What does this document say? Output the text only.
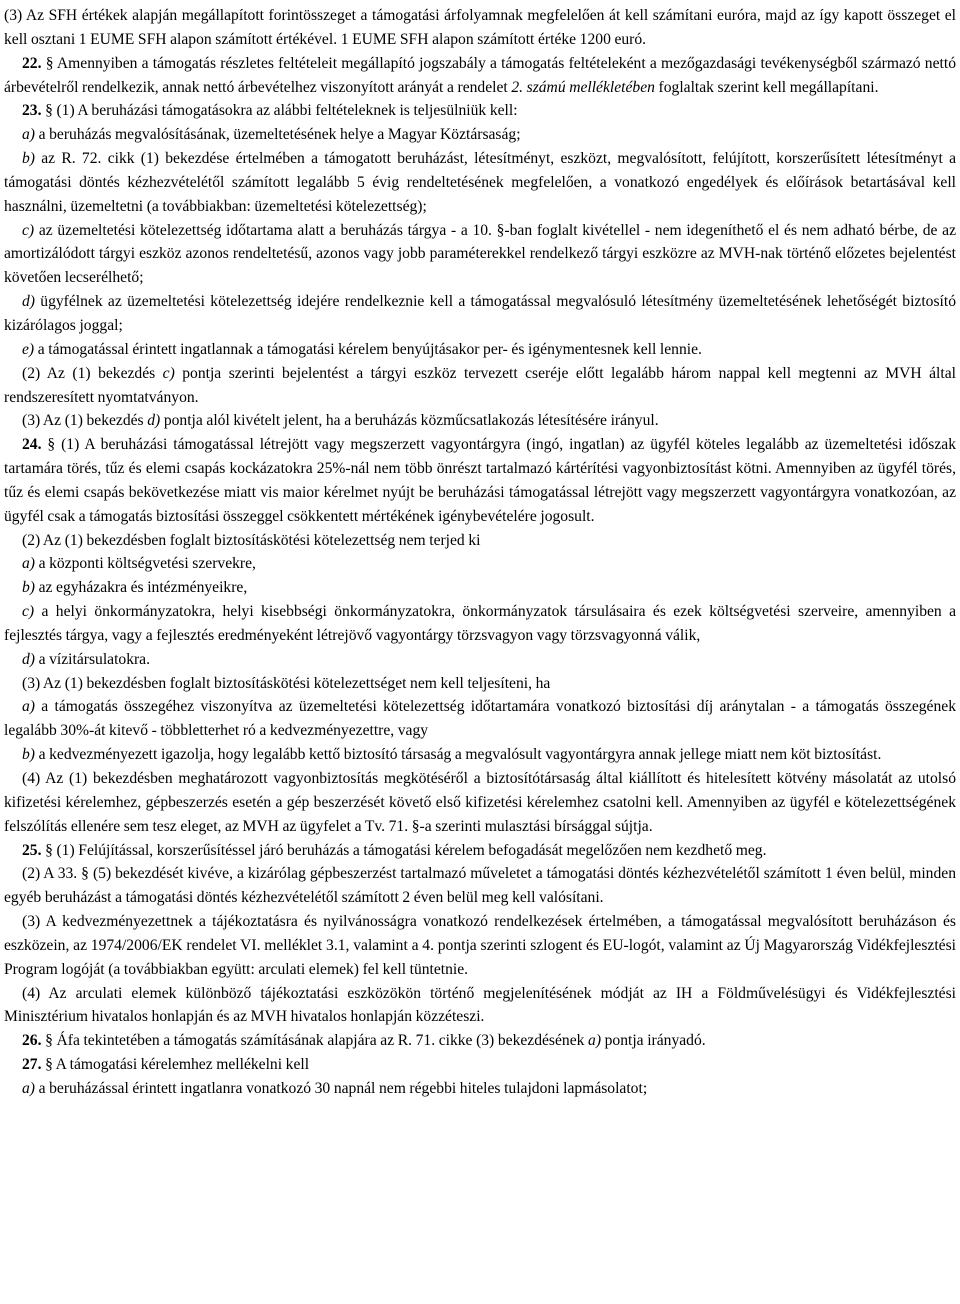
(3) Az SFH értékek alapján megállapított forintösszeget a támogatási árfolyamnak megfelelően át kell számítani euróra, majd az így kapott összeget el kell osztani 1 EUME SFH alapon számított értékével. 1 EUME SFH alapon számított értéke 1200 euró.

22. § Amennyiben a támogatás részletes feltételeit megállapító jogszabály a támogatás feltételeként a mezőgazdasági tevékenységből származó nettó árbevételről rendelkezik, annak nettó árbevételhez viszonyított arányát a rendelet 2. számú mellékletében foglaltak szerint kell megállapítani.

23. § (1) A beruházási támogatásokra az alábbi feltételeknek is teljesülniük kell:

a) a beruházás megvalósításának, üzemeltetésének helye a Magyar Köztársaság;

b) az R. 72. cikk (1) bekezdése értelmében a támogatott beruházást, létesítményt, eszközt, megvalósított, felújított, korszerűsített létesítményt a támogatási döntés kézhezvételétől számított legalább 5 évig rendeltetésének megfelelően, a vonatkozó engedélyek és előírások betartásával kell használni, üzemeltetni (a továbbiakban: üzemeltetési kötelezettség);

c) az üzemeltetési kötelezettség időtartama alatt a beruházás tárgya - a 10. §-ban foglalt kivétellel - nem idegeníthető el és nem adható bérbe, de az amortizálódott tárgyi eszköz azonos rendeltetésű, azonos vagy jobb paraméterekkel rendelkező tárgyi eszközre az MVH-nak történő előzetes bejelentést követően lecserélhető;

d) ügyfélnek az üzemeltetési kötelezettség idejére rendelkeznie kell a támogatással megvalósuló létesítmény üzemeltetésének lehetőségét biztosító kizárólagos joggal;

e) a támogatással érintett ingatlannak a támogatási kérelem benyújtásakor per- és igénymentesnek kell lennie.

(2) Az (1) bekezdés c) pontja szerinti bejelentést a tárgyi eszköz tervezett cseréje előtt legalább három nappal kell megtenni az MVH által rendszeresített nyomtatványon.

(3) Az (1) bekezdés d) pontja alól kivételt jelent, ha a beruházás közműcsatlakozás létesítésére irányul.

24. § (1) A beruházási támogatással létrejött vagy megszerzett vagyontárgyra (ingó, ingatlan) az ügyfél köteles legalább az üzemeltetési időszak tartamára törés, tűz és elemi csapás kockázatokra 25%-nál nem több önrészt tartalmazó kártérítési vagyonbiztosítást kötni. Amennyiben az ügyfél törés, tűz és elemi csapás bekövetkezése miatt vis maior kérelmet nyújt be beruházási támogatással létrejött vagy megszerzett vagyontárgyra vonatkozóan, az ügyfél csak a támogatás biztosítási összeggel csökkentett mértékének igénybevételére jogosult.

(2) Az (1) bekezdésben foglalt biztosításkötési kötelezettség nem terjed ki

a) a központi költségvetési szervekre,

b) az egyházakra és intézményeikre,

c) a helyi önkormányzatokra, helyi kisebbségi önkormányzatokra, önkormányzatok társulásaira és ezek költségvetési szerveire, amennyiben a fejlesztés tárgya, vagy a fejlesztés eredményeként létrejövő vagyontárgy törzsvagyon vagy törzsvagyonná válik,

d) a vízitársulatokra.

(3) Az (1) bekezdésben foglalt biztosításkötési kötelezettséget nem kell teljesíteni, ha

a) a támogatás összegéhez viszonyítva az üzemeltetési kötelezettség időtartamára vonatkozó biztosítási díj aránytalan - a támogatás összegének legalább 30%-át kitevő - többletterhet ró a kedvezményezettre, vagy

b) a kedvezményezett igazolja, hogy legalább kettő biztosító társaság a megvalósult vagyontárgyra annak jellege miatt nem köt biztosítást.

(4) Az (1) bekezdésben meghatározott vagyonbiztosítás megkötéséről a biztosítótársaság által kiállított és hitelesített kötvény másolatát az utolsó kifizetési kérelemhez, gépbeszerzés esetén a gép beszerzését követő első kifizetési kérelemhez csatolni kell. Amennyiben az ügyfél e kötelezettségének felszólítás ellenére sem tesz eleget, az MVH az ügyfelet a Tv. 71. §-a szerinti mulasztási bírsággal sújtja.

25. § (1) Felújítással, korszerűsítéssel járó beruházás a támogatási kérelem befogadását megelőzően nem kezdhető meg.

(2) A 33. § (5) bekezdését kivéve, a kizárólag gépbeszerzést tartalmazó műveletet a támogatási döntés kézhezvételétől számított 1 éven belül, minden egyéb beruházást a támogatási döntés kézhezvételétől számított 2 éven belül meg kell valósítani.

(3) A kedvezményezettnek a tájékoztatásra és nyilvánosságra vonatkozó rendelkezések értelmében, a támogatással megvalósított beruházáson és eszközein, az 1974/2006/EK rendelet VI. melléklet 3.1, valamint a 4. pontja szerinti szlogent és EU-logót, valamint az Új Magyarország Vidékfejlesztési Program logóját (a továbbiakban együtt: arculati elemek) fel kell tüntetnie.

(4) Az arculati elemek különböző tájékoztatási eszközökön történő megjelenítésének módját az IH a Földművelésügyi és Vidékfejlesztési Minisztérium hivatalos honlapján és az MVH hivatalos honlapján közzéteszi.

26. § Áfa tekintetében a támogatás számításának alapjára az R. 71. cikke (3) bekezdésének a) pontja irányadó.

27. § A támogatási kérelemhez mellékelni kell

a) a beruházással érintett ingatlanra vonatkozó 30 napnál nem régebbi hiteles tulajdoni lapmásolatot;
